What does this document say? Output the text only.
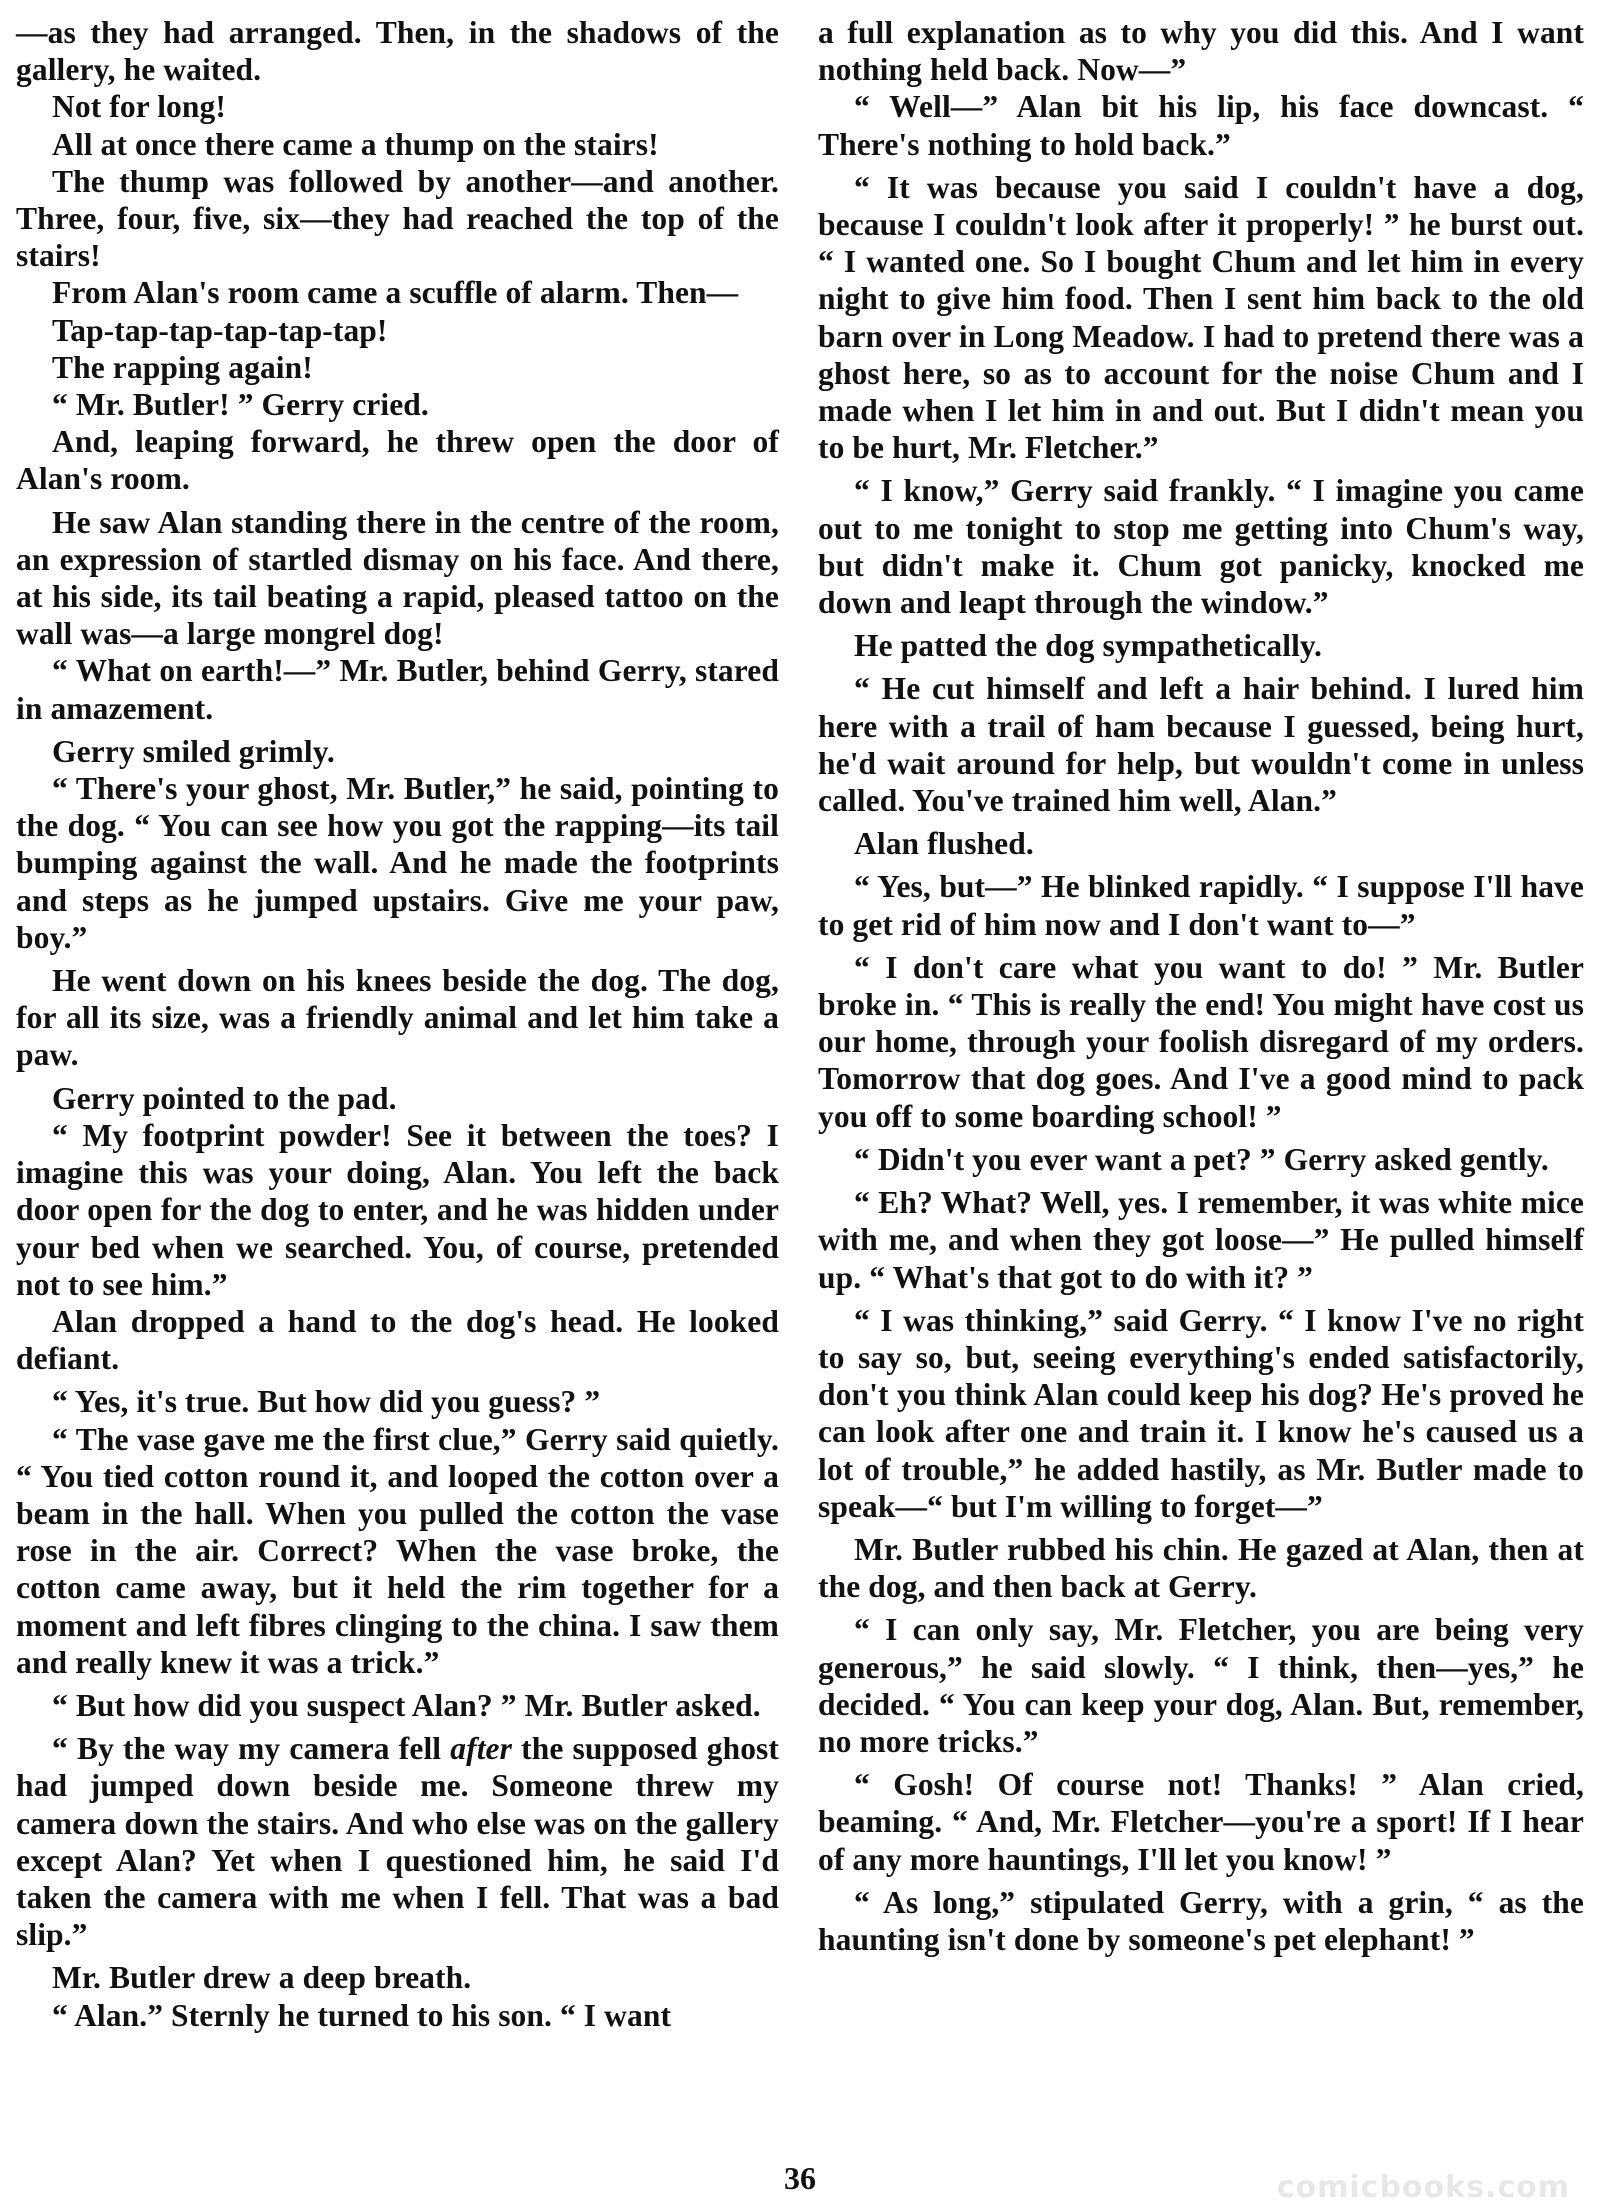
—as they had arranged. Then, in the shadows of the gallery, he waited.

Not for long!

All at once there came a thump on the stairs!

The thump was followed by another—and another. Three, four, five, six—they had reached the top of the stairs!

From Alan's room came a scuffle of alarm. Then—

Tap-tap-tap-tap-tap-tap!

The rapping again!

“ Mr. Butler! ” Gerry cried.

And, leaping forward, he threw open the door of Alan's room.

He saw Alan standing there in the centre of the room, an expression of startled dismay on his face. And there, at his side, its tail beating a rapid, pleased tattoo on the wall was—a large mongrel dog!

“ What on earth!—” Mr. Butler, behind Gerry, stared in amazement.

Gerry smiled grimly.

“ There's your ghost, Mr. Butler,” he said, pointing to the dog. “ You can see how you got the rapping—its tail bumping against the wall. And he made the footprints and steps as he jumped upstairs. Give me your paw, boy.”

He went down on his knees beside the dog. The dog, for all its size, was a friendly animal and let him take a paw.

Gerry pointed to the pad.

“ My footprint powder! See it between the toes? I imagine this was your doing, Alan. You left the back door open for the dog to enter, and he was hidden under your bed when we searched. You, of course, pretended not to see him.”

Alan dropped a hand to the dog's head. He looked defiant.

“ Yes, it's true. But how did you guess? ”

“ The vase gave me the first clue,” Gerry said quietly. “ You tied cotton round it, and looped the cotton over a beam in the hall. When you pulled the cotton the vase rose in the air. Correct? When the vase broke, the cotton came away, but it held the rim together for a moment and left fibres clinging to the china. I saw them and really knew it was a trick.”

“ But how did you suspect Alan? ” Mr. Butler asked.

“ By the way my camera fell after the supposed ghost had jumped down beside me. Someone threw my camera down the stairs. And who else was on the gallery except Alan? Yet when I questioned him, he said I'd taken the camera with me when I fell. That was a bad slip.”

Mr. Butler drew a deep breath.

“ Alan.” Sternly he turned to his son. “ I want

a full explanation as to why you did this. And I want nothing held back. Now—”

“ Well—” Alan bit his lip, his face downcast. “ There's nothing to hold back.”

“ It was because you said I couldn't have a dog, because I couldn't look after it properly! ” he burst out. “ I wanted one. So I bought Chum and let him in every night to give him food. Then I sent him back to the old barn over in Long Meadow. I had to pretend there was a ghost here, so as to account for the noise Chum and I made when I let him in and out. But I didn't mean you to be hurt, Mr. Fletcher.”

“ I know,” Gerry said frankly. “ I imagine you came out to me tonight to stop me getting into Chum's way, but didn't make it. Chum got panicky, knocked me down and leapt through the window.”

He patted the dog sympathetically.

“ He cut himself and left a hair behind. I lured him here with a trail of ham because I guessed, being hurt, he'd wait around for help, but wouldn't come in unless called. You've trained him well, Alan.”

Alan flushed.

“ Yes, but—” He blinked rapidly. “ I suppose I'll have to get rid of him now and I don't want to—”

“ I don't care what you want to do! ” Mr. Butler broke in. “ This is really the end! You might have cost us our home, through your foolish disregard of my orders. Tomorrow that dog goes. And I've a good mind to pack you off to some boarding school! ”

“ Didn't you ever want a pet? ” Gerry asked gently.

“ Eh? What? Well, yes. I remember, it was white mice with me, and when they got loose—” He pulled himself up. “ What's that got to do with it? ”

“ I was thinking,” said Gerry. “ I know I've no right to say so, but, seeing everything's ended satisfactorily, don't you think Alan could keep his dog? He's proved he can look after one and train it. I know he's caused us a lot of trouble,” he added hastily, as Mr. Butler made to speak—“ but I'm willing to forget—”

Mr. Butler rubbed his chin. He gazed at Alan, then at the dog, and then back at Gerry.

“ I can only say, Mr. Fletcher, you are being very generous,” he said slowly. “ I think, then—yes,” he decided. “ You can keep your dog, Alan. But, remember, no more tricks.”

“ Gosh! Of course not! Thanks! ” Alan cried, beaming. “ And, Mr. Fletcher—you're a sport! If I hear of any more hauntings, I'll let you know! ”

“ As long,” stipulated Gerry, with a grin, “ as the haunting isn't done by someone's pet elephant! ”

36	comicbooks.com
